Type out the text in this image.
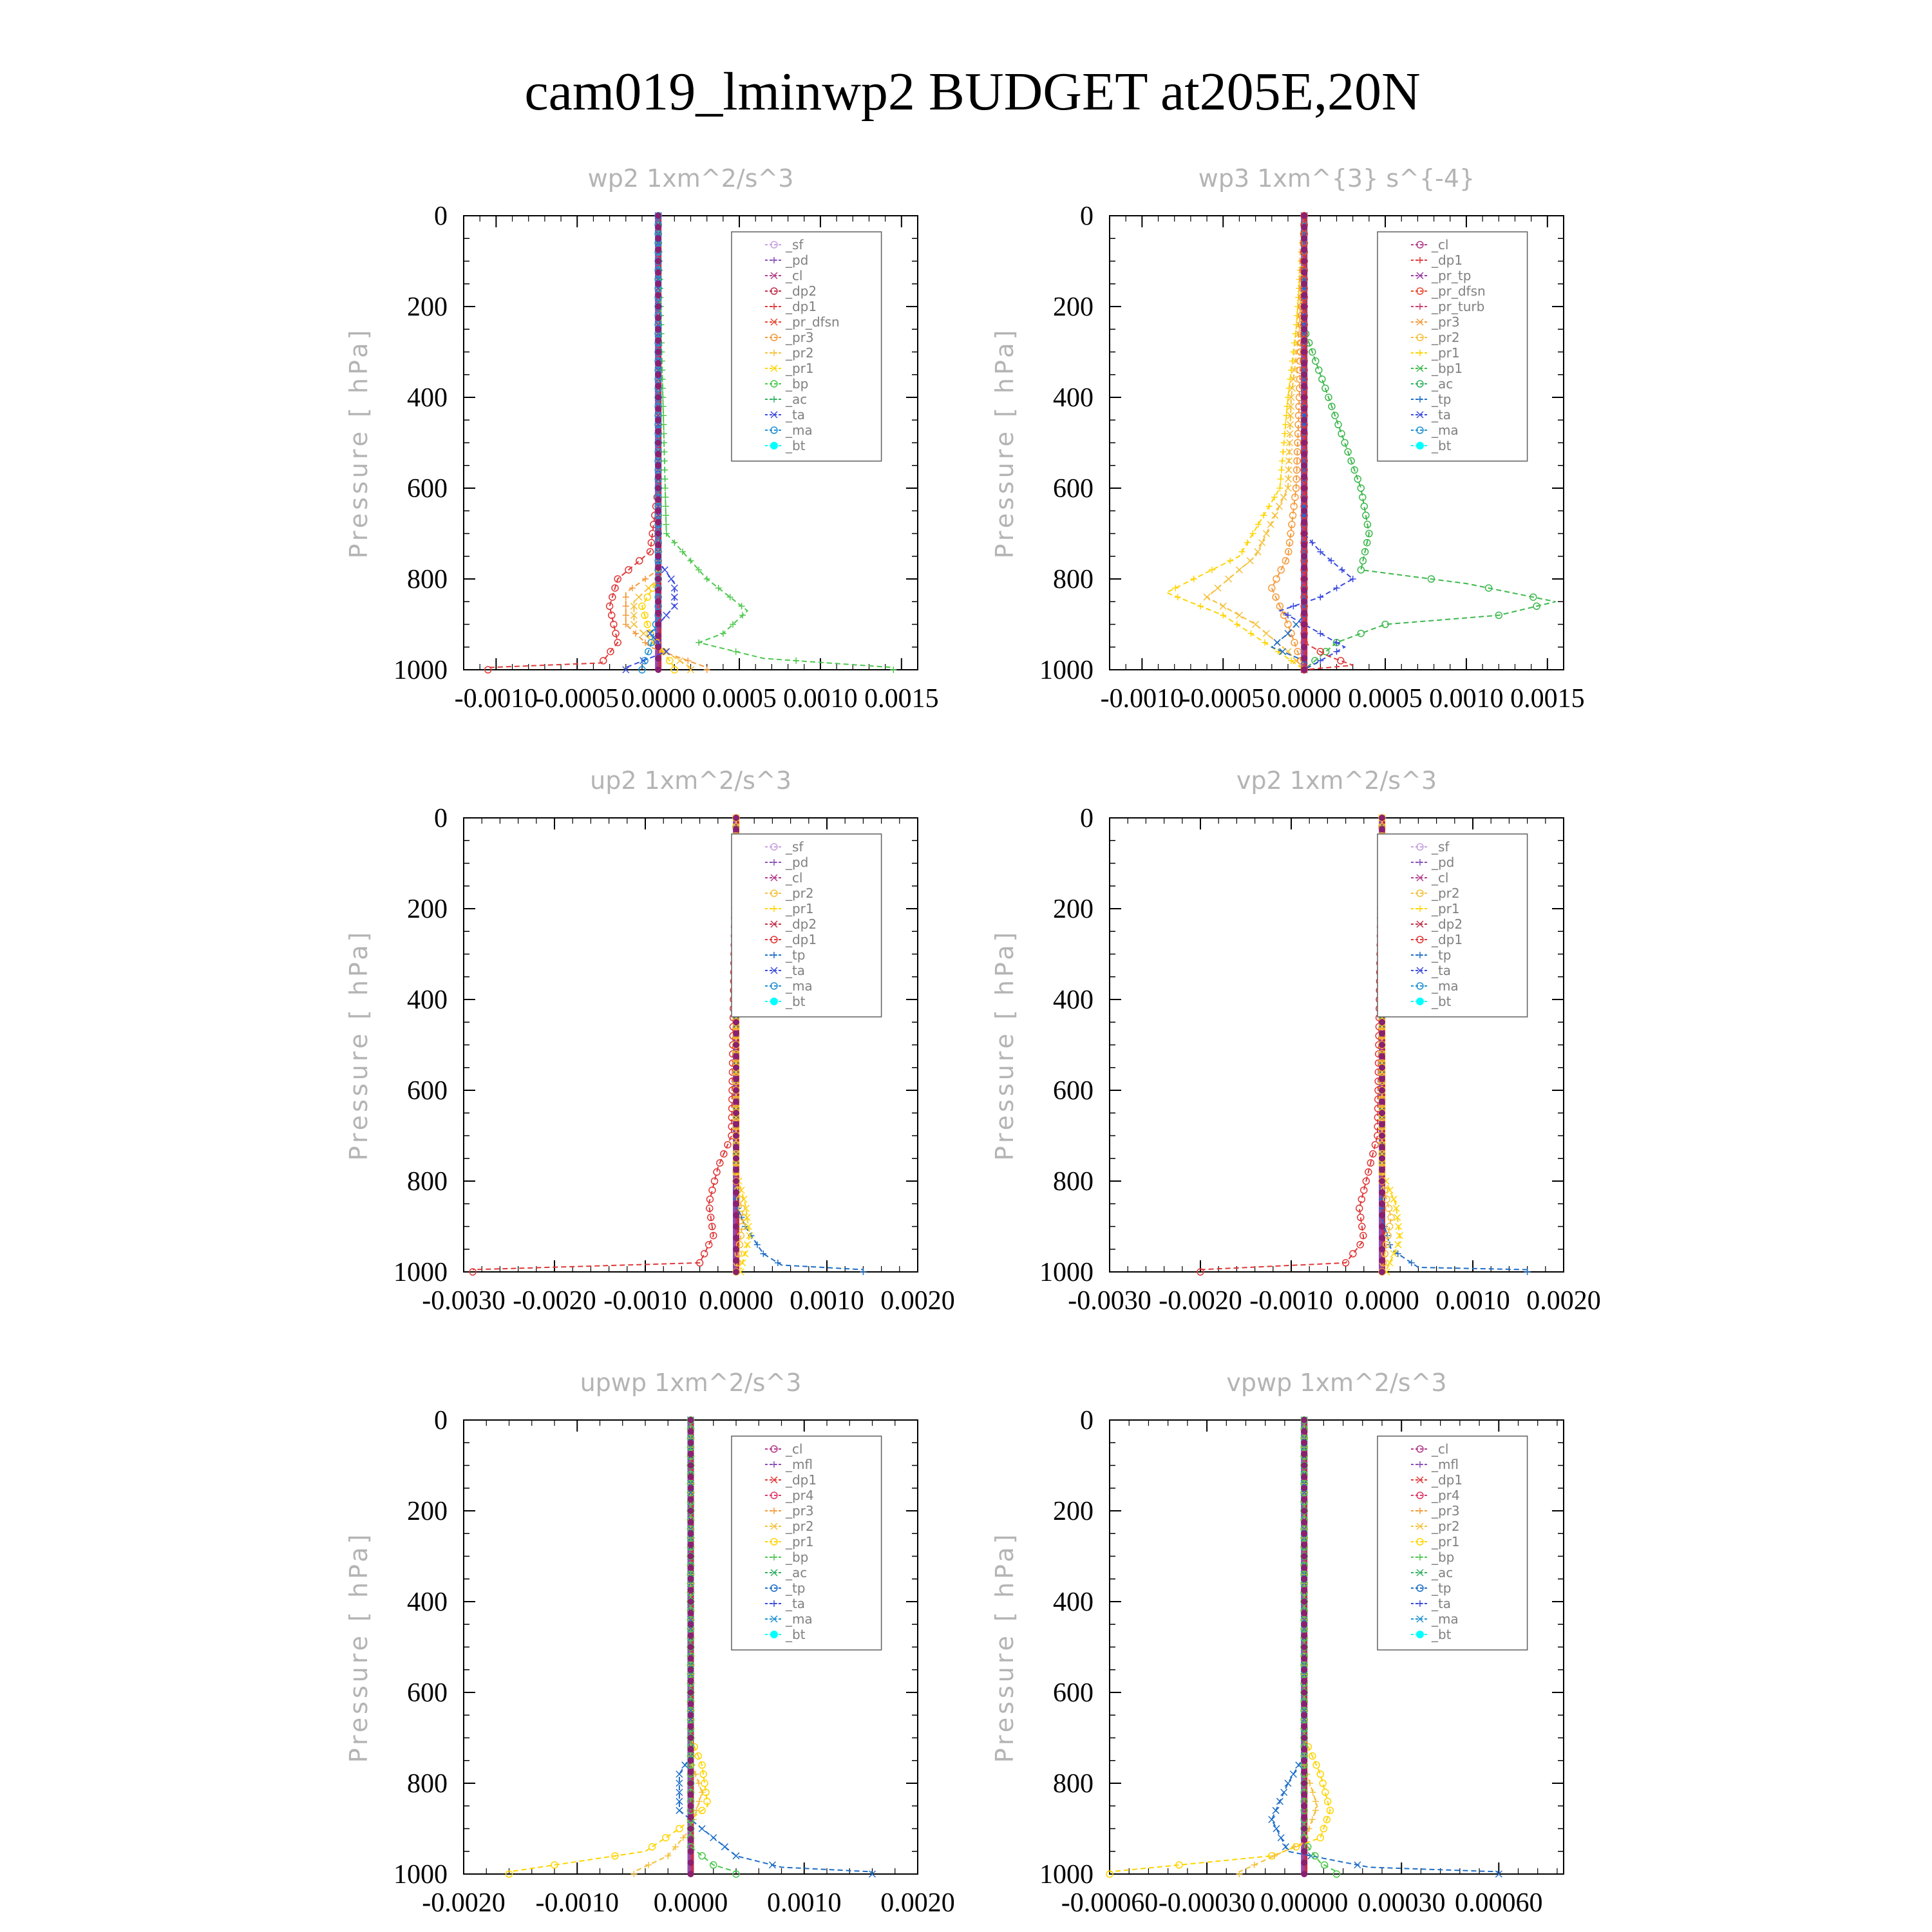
cam019_lminwp2 BUDGET at205E,20N
wp2 1xm^2/s^3
Pressure [ hPa]
0
200
400
600
800
1000
-0.0010
-0.0005 0.0000 0.0005 0.0010 0.0015
_sf
_pd
_cl
_dp2
_dp1
_pr_dfsn
_pr3
_pr2
_pr1
_bp
_ac
_ta
_ma
_bt
wp3 1xm^{3} s^{-4}
Pressure [ hPa]
0
200
400
600
800
1000
-0.0010
-0.0005 0.0000 0.0005 0.0010 0.0015
_cl
_dp1
_pr_tp
_pr_dfsn
_pr_turb
_pr3
_pr2
_pr1
_bp1
_ac
_tp
_ta
_ma
_bt
up2 1xm^2/s^3
Pressure [ hPa]
0
200
400
600
800
1000
-0.0030 -0.0020 -0.0010 0.0000 0.0010 0.0020
_sf
_pd
_cl
_pr2
_pr1
_dp2
_dp1
_tp
_ta
_ma
_bt
vp2 1xm^2/s^3
Pressure [ hPa]
0
200
400
600
800
1000
-0.0030 -0.0020 -0.0010 0.0000 0.0010 0.0020
_sf
_pd
_cl
_pr2
_pr1
_dp2
_dp1
_tp
_ta
_ma
_bt
upwp 1xm^2/s^3
Pressure [ hPa]
0
200
400
600
800
1000
-0.0020 -0.0010 0.0000 0.0010 0.0020
_cl
_mfl
_dp1
_pr4
_pr3
_pr2
_pr1
_bp
_ac
_tp
_ta
_ma
_bt
vpwp 1xm^2/s^3
Pressure [ hPa]
0
200
400
600
800
1000
-0.00060 -0.00030 0.00000 0.00030 0.00060
_cl
_mfl
_dp1
_pr4
_pr3
_pr2
_pr1
_bp
_ac
_tp
_ta
_ma
_bt
